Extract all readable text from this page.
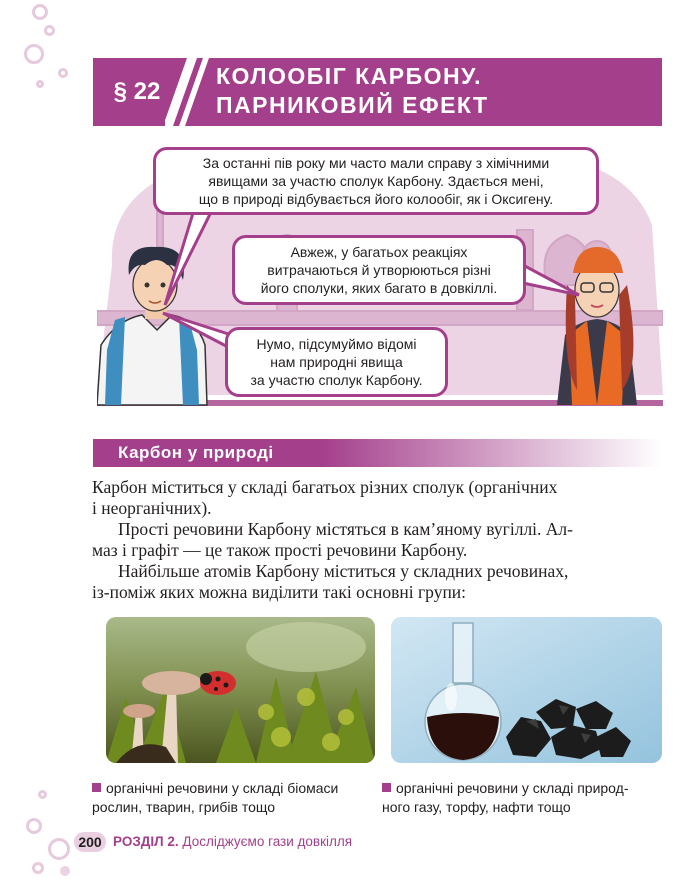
§ 22
КОЛООБІГ КАРБОНУ.
ПАРНИКОВИЙ ЕФЕКТ
За останні пів року ми часто мали справу з хімічними
явищами за участю сполук Карбону. Здається мені,
що в природі відбувається його колообіг, як і Оксигену.
Авжеж, у багатьох реакціях
витрачаються й утворюються різні
його сполуки, яких багато в довкіллі.
Нумо, підсумуймо відомі
нам природні явища
за участю сполук Карбону.
Карбон у природі
Карбон міститься у складі багатьох різних сполук (органічних
і неорганічних).
Прості речовини Карбону містяться в кам’яному вугіллі. Ал-
маз і графіт — це також прості речовини Карбону.
Найбільше атомів Карбону міститься у складних речовинах,
із-поміж яких можна виділити такі основні групи:
органічні речовини у складі біомаси
рослин, тварин, грибів тощо
органічні речовини у складі природ-
ного газу, торфу, нафти тощо
200 РОЗДІЛ 2. Досліджуємо гази довкілля
